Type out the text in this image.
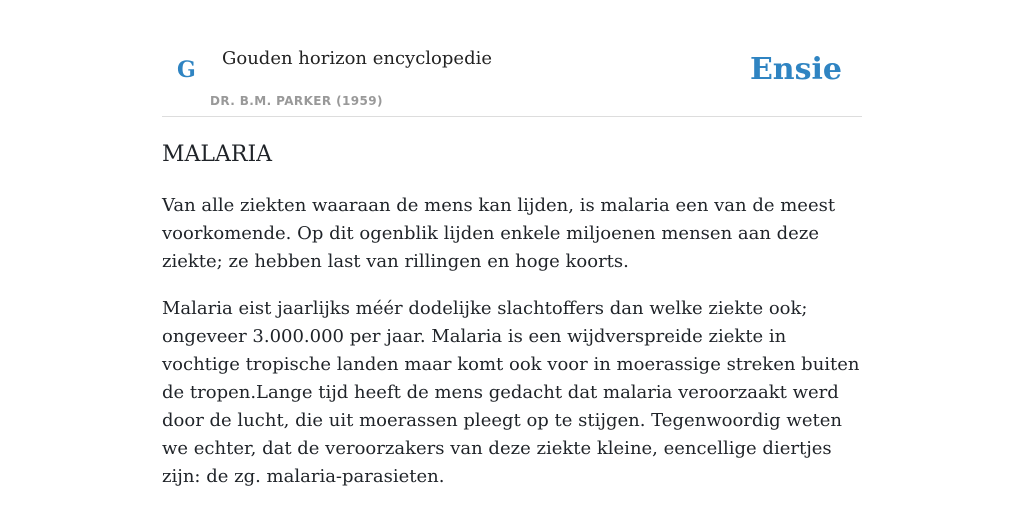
G Gouden horizon encyclopedie
DR. B.M. PARKER (1959)
Ensie
MALARIA

Van alle ziekten waaraan de mens kan lijden, is malaria een van de meest voorkomende. Op dit ogenblik lijden enkele miljoenen mensen aan deze ziekte; ze hebben last van rillingen en hoge koorts.

Malaria eist jaarlijks méér dodelijke slachtoffers dan welke ziekte ook; ongeveer 3.000.000 per jaar. Malaria is een wijdverspreide ziekte in vochtige tropische landen maar komt ook voor in moerassige streken buiten de tropen.Lange tijd heeft de mens gedacht dat malaria veroorzaakt werd door de lucht, die uit moerassen pleegt op te stijgen. Tegenwoordig weten we echter, dat de veroorzakers van deze ziekte kleine, eencellige diertjes zijn: de zg. malaria-parasieten.
